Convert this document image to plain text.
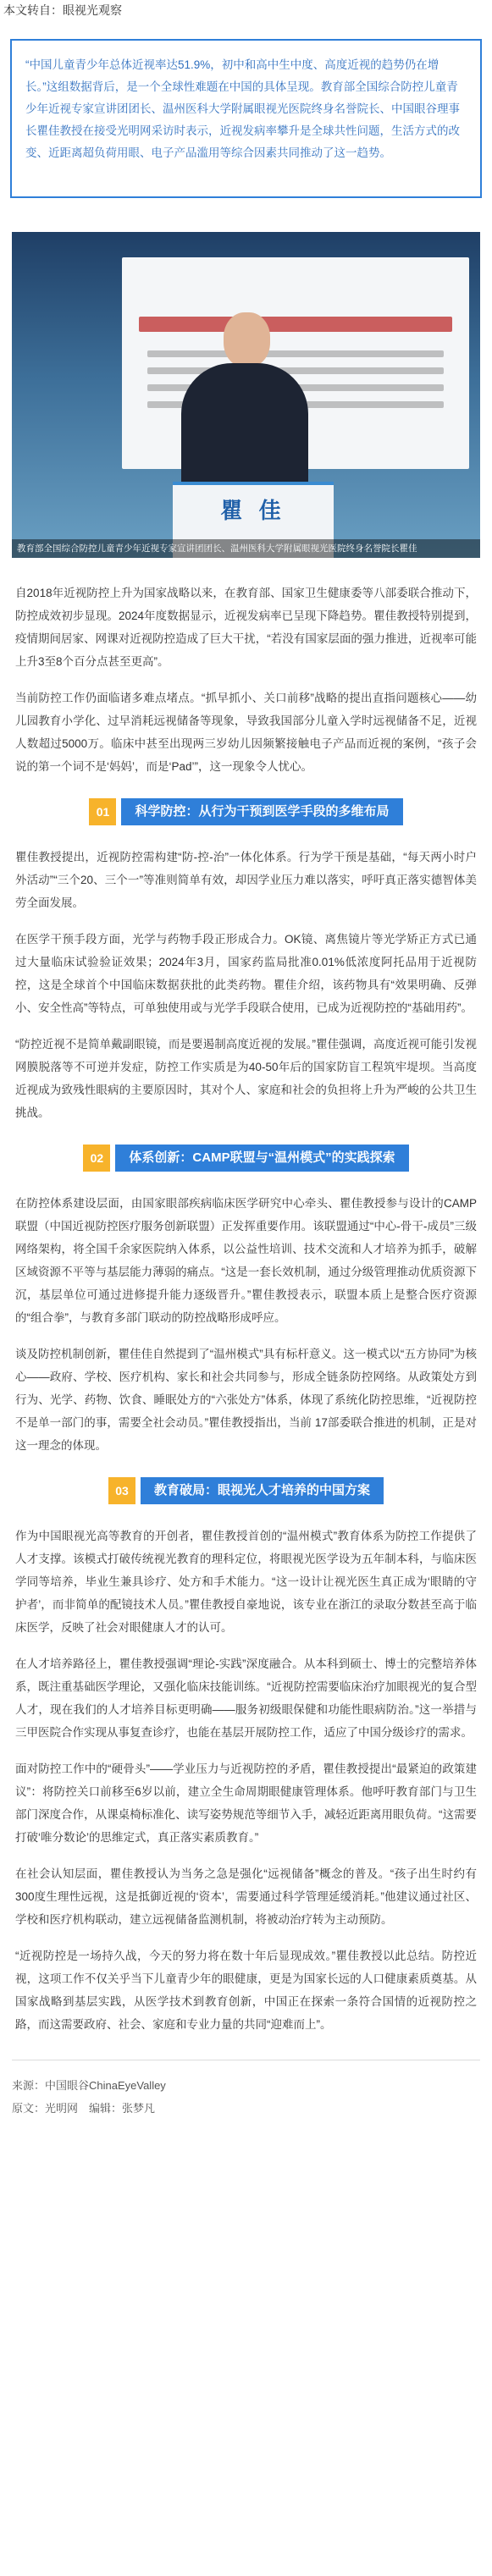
本文转自：眼视光观察

“中国儿童青少年总体近视率达51.9%，初中和高中生中度、高度近视的趋势仍在增长。”这组数据背后，是一个全球性难题在中国的具体呈现。教育部全国综合防控儿童青少年近视专家宣讲团团长、温州医科大学附属眼视光医院终身名誉院长、中国眼谷理事长瞿佳教授在接受光明网采访时表示，近视发病率攀升是全球共性问题，生活方式的改变、近距离超负荷用眼、电子产品滥用等综合因素共同推动了这一趋势。

瞿 佳
教育部全国综合防控儿童青少年近视专家宣讲团团长、温州医科大学附属眼视光医院终身名誉院长瞿佳

自2018年近视防控上升为国家战略以来，在教育部、国家卫生健康委等八部委联合推动下，防控成效初步显现。2024年度数据显示，近视发病率已呈现下降趋势。瞿佳教授特别提到，疫情期间居家、网课对近视防控造成了巨大干扰，“若没有国家层面的强力推进，近视率可能上升3至8个百分点甚至更高”。

当前防控工作仍面临诸多难点堵点。“抓早抓小、关口前移”战略的提出直指问题核心——幼儿园教育小学化、过早消耗远视储备等现象，导致我国部分儿童入学时远视储备不足，近视人数超过5000万。临床中甚至出现两三岁幼儿因频繁接触电子产品而近视的案例，“孩子会说的第一个词不是‘妈妈’，而是‘Pad’”，这一现象令人忧心。

01	科学防控：从行为干预到医学手段的多维布局

瞿佳教授提出，近视防控需构建“防-控-治”一体化体系。行为学干预是基础，“每天两小时户外活动”“三个20、三个一”等准则简单有效，却因学业压力难以落实，呼吁真正落实德智体美劳全面发展。

在医学干预手段方面，光学与药物手段正形成合力。OK镜、离焦镜片等光学矫正方式已通过大量临床试验验证效果；2024年3月，国家药监局批准0.01%低浓度阿托品用于近视防控，这是全球首个中国临床数据获批的此类药物。瞿佳介绍，该药物具有“效果明确、反弹小、安全性高”等特点，可单独使用或与光学手段联合使用，已成为近视防控的“基础用药”。

“防控近视不是简单戴副眼镜，而是要遏制高度近视的发展。”瞿佳强调，高度近视可能引发视网膜脱落等不可逆并发症，防控工作实质是为40-50年后的国家防盲工程筑牢堤坝。当高度近视成为致残性眼病的主要原因时，其对个人、家庭和社会的负担将上升为严峻的公共卫生挑战。

02	体系创新：CAMP联盟与“温州模式”的实践探索

在防控体系建设层面，由国家眼部疾病临床医学研究中心牵头、瞿佳教授参与设计的CAMP联盟（中国近视防控医疗服务创新联盟）正发挥重要作用。该联盟通过“中心-骨干-成员”三级网络架构，将全国千余家医院纳入体系，以公益性培训、技术交流和人才培养为抓手，破解区域资源不平等与基层能力薄弱的痛点。“这是一套长效机制，通过分级管理推动优质资源下沉，基层单位可通过进修提升能力逐级晋升。”瞿佳教授表示，联盟本质上是整合医疗资源的“组合拳”，与教育多部门联动的防控战略形成呼应。

谈及防控机制创新，瞿佳佳自然提到了“温州模式”具有标杆意义。这一模式以“五方协同”为核心——政府、学校、医疗机构、家长和社会共同参与，形成全链条防控网络。从政策处方到行为、光学、药物、饮食、睡眠处方的“六张处方”体系，体现了系统化防控思维，“近视防控不是单一部门的事，需要全社会动员。”瞿佳教授指出，当前 17部委联合推进的机制，正是对这一理念的体现。

03	教育破局：眼视光人才培养的中国方案

作为中国眼视光高等教育的开创者，瞿佳教授首创的“温州模式”教育体系为防控工作提供了人才支撑。该模式打破传统视光教育的理科定位，将眼视光医学设为五年制本科，与临床医学同等培养，毕业生兼具诊疗、处方和手术能力。“这一设计让视光医生真正成为‘眼睛的守护者’，而非简单的配镜技术人员。”瞿佳教授自豪地说，该专业在浙江的录取分数甚至高于临床医学，反映了社会对眼健康人才的认可。

在人才培养路径上，瞿佳教授强调“理论-实践”深度融合。从本科到硕士、博士的完整培养体系，既注重基础医学理论，又强化临床技能训练。“近视防控需要临床治疗加眼视光的复合型人才，现在我们的人才培养目标更明确——服务初级眼保健和功能性眼病防治。”这一举措与三甲医院合作实现从事复查诊疗，也能在基层开展防控工作，适应了中国分级诊疗的需求。

面对防控工作中的“硬骨头”——学业压力与近视防控的矛盾，瞿佳教授提出“最紧迫的政策建议”：将防控关口前移至6岁以前，建立全生命周期眼健康管理体系。他呼吁教育部门与卫生部门深度合作，从课桌椅标准化、读写姿势规范等细节入手，减轻近距离用眼负荷。“这需要打破‘唯分数论’的思维定式，真正落实素质教育。”

在社会认知层面，瞿佳教授认为当务之急是强化“远视储备”概念的普及。“孩子出生时约有300度生理性远视，这是抵御近视的‘资本’，需要通过科学管理延缓消耗。”他建议通过社区、学校和医疗机构联动，建立远视储备监测机制，将被动治疗转为主动预防。

“近视防控是一场持久战，今天的努力将在数十年后显现成效。”瞿佳教授以此总结。防控近视，这项工作不仅关乎当下儿童青少年的眼健康，更是为国家长远的人口健康素质奠基。从国家战略到基层实践，从医学技术到教育创新，中国正在探索一条符合国情的近视防控之路，而这需要政府、社会、家庭和专业力量的共同“迎难而上”。

来源：中国眼谷ChinaEyeValley
原文：光明网　编辑：张梦凡
